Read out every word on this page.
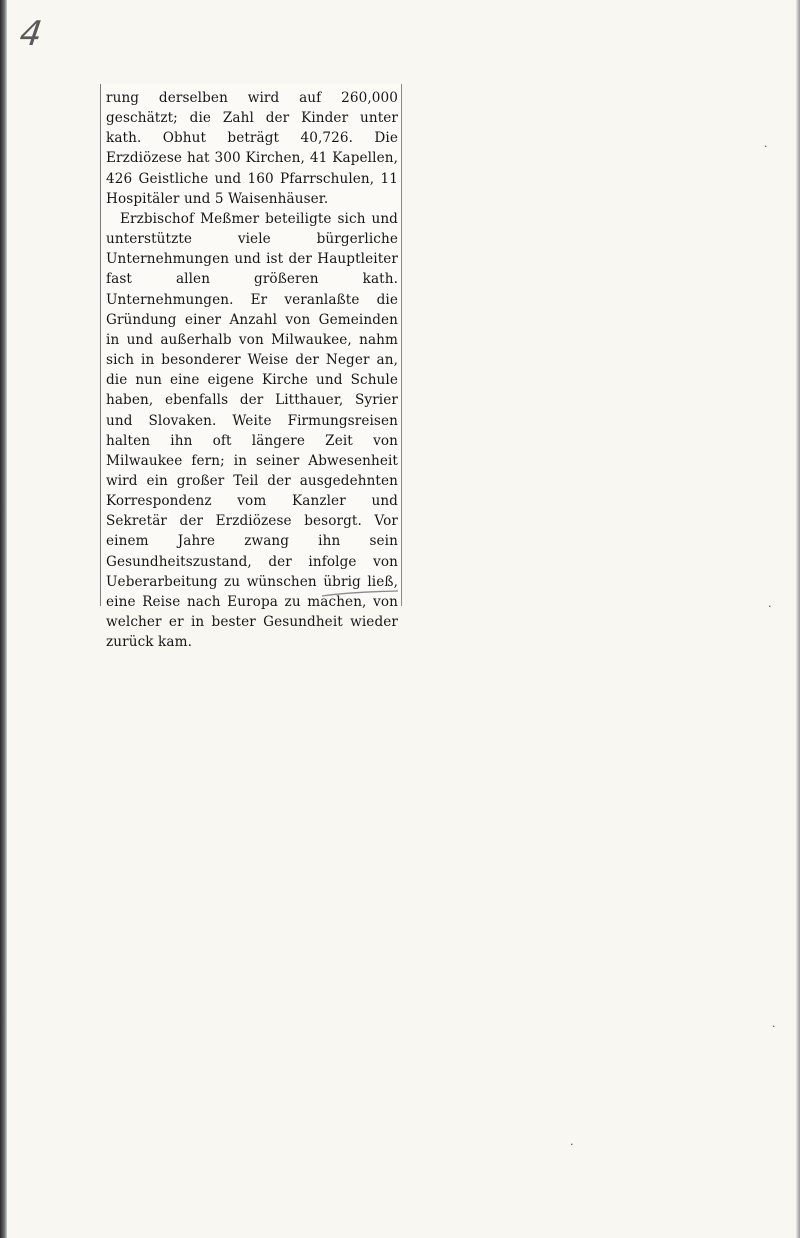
4

rung derselben wird auf 260,000 geschätzt; die Zahl der Kinder unter kath. Obhut beträgt 40,726. Die Erzdiözese hat 300 Kirchen, 41 Kapellen, 426 Geistliche und 160 Pfarrschulen, 11 Hospitäler und 5 Waisenhäuser.

Erzbischof Meßmer beteiligte sich und unterstützte viele bürgerliche Unternehmungen und ist der Hauptleiter fast allen größeren kath. Unternehmungen. Er veranlaßte die Gründung einer Anzahl von Gemeinden in und außerhalb von Milwaukee, nahm sich in besonderer Weise der Neger an, die nun eine eigene Kirche und Schule haben, ebenfalls der Litthauer, Syrier und Slovaken. Weite Firmungsreisen halten ihn oft längere Zeit von Milwaukee fern; in seiner Abwesenheit wird ein großer Teil der ausgedehnten Korrespondenz vom Kanzler und Sekretär der Erzdiözese besorgt. Vor einem Jahre zwang ihn sein Gesundheitszustand, der infolge von Ueberarbeitung zu wünschen übrig ließ, eine Reise nach Europa zu machen, von welcher er in bester Gesundheit wieder zurück kam.

·
·
·
·
